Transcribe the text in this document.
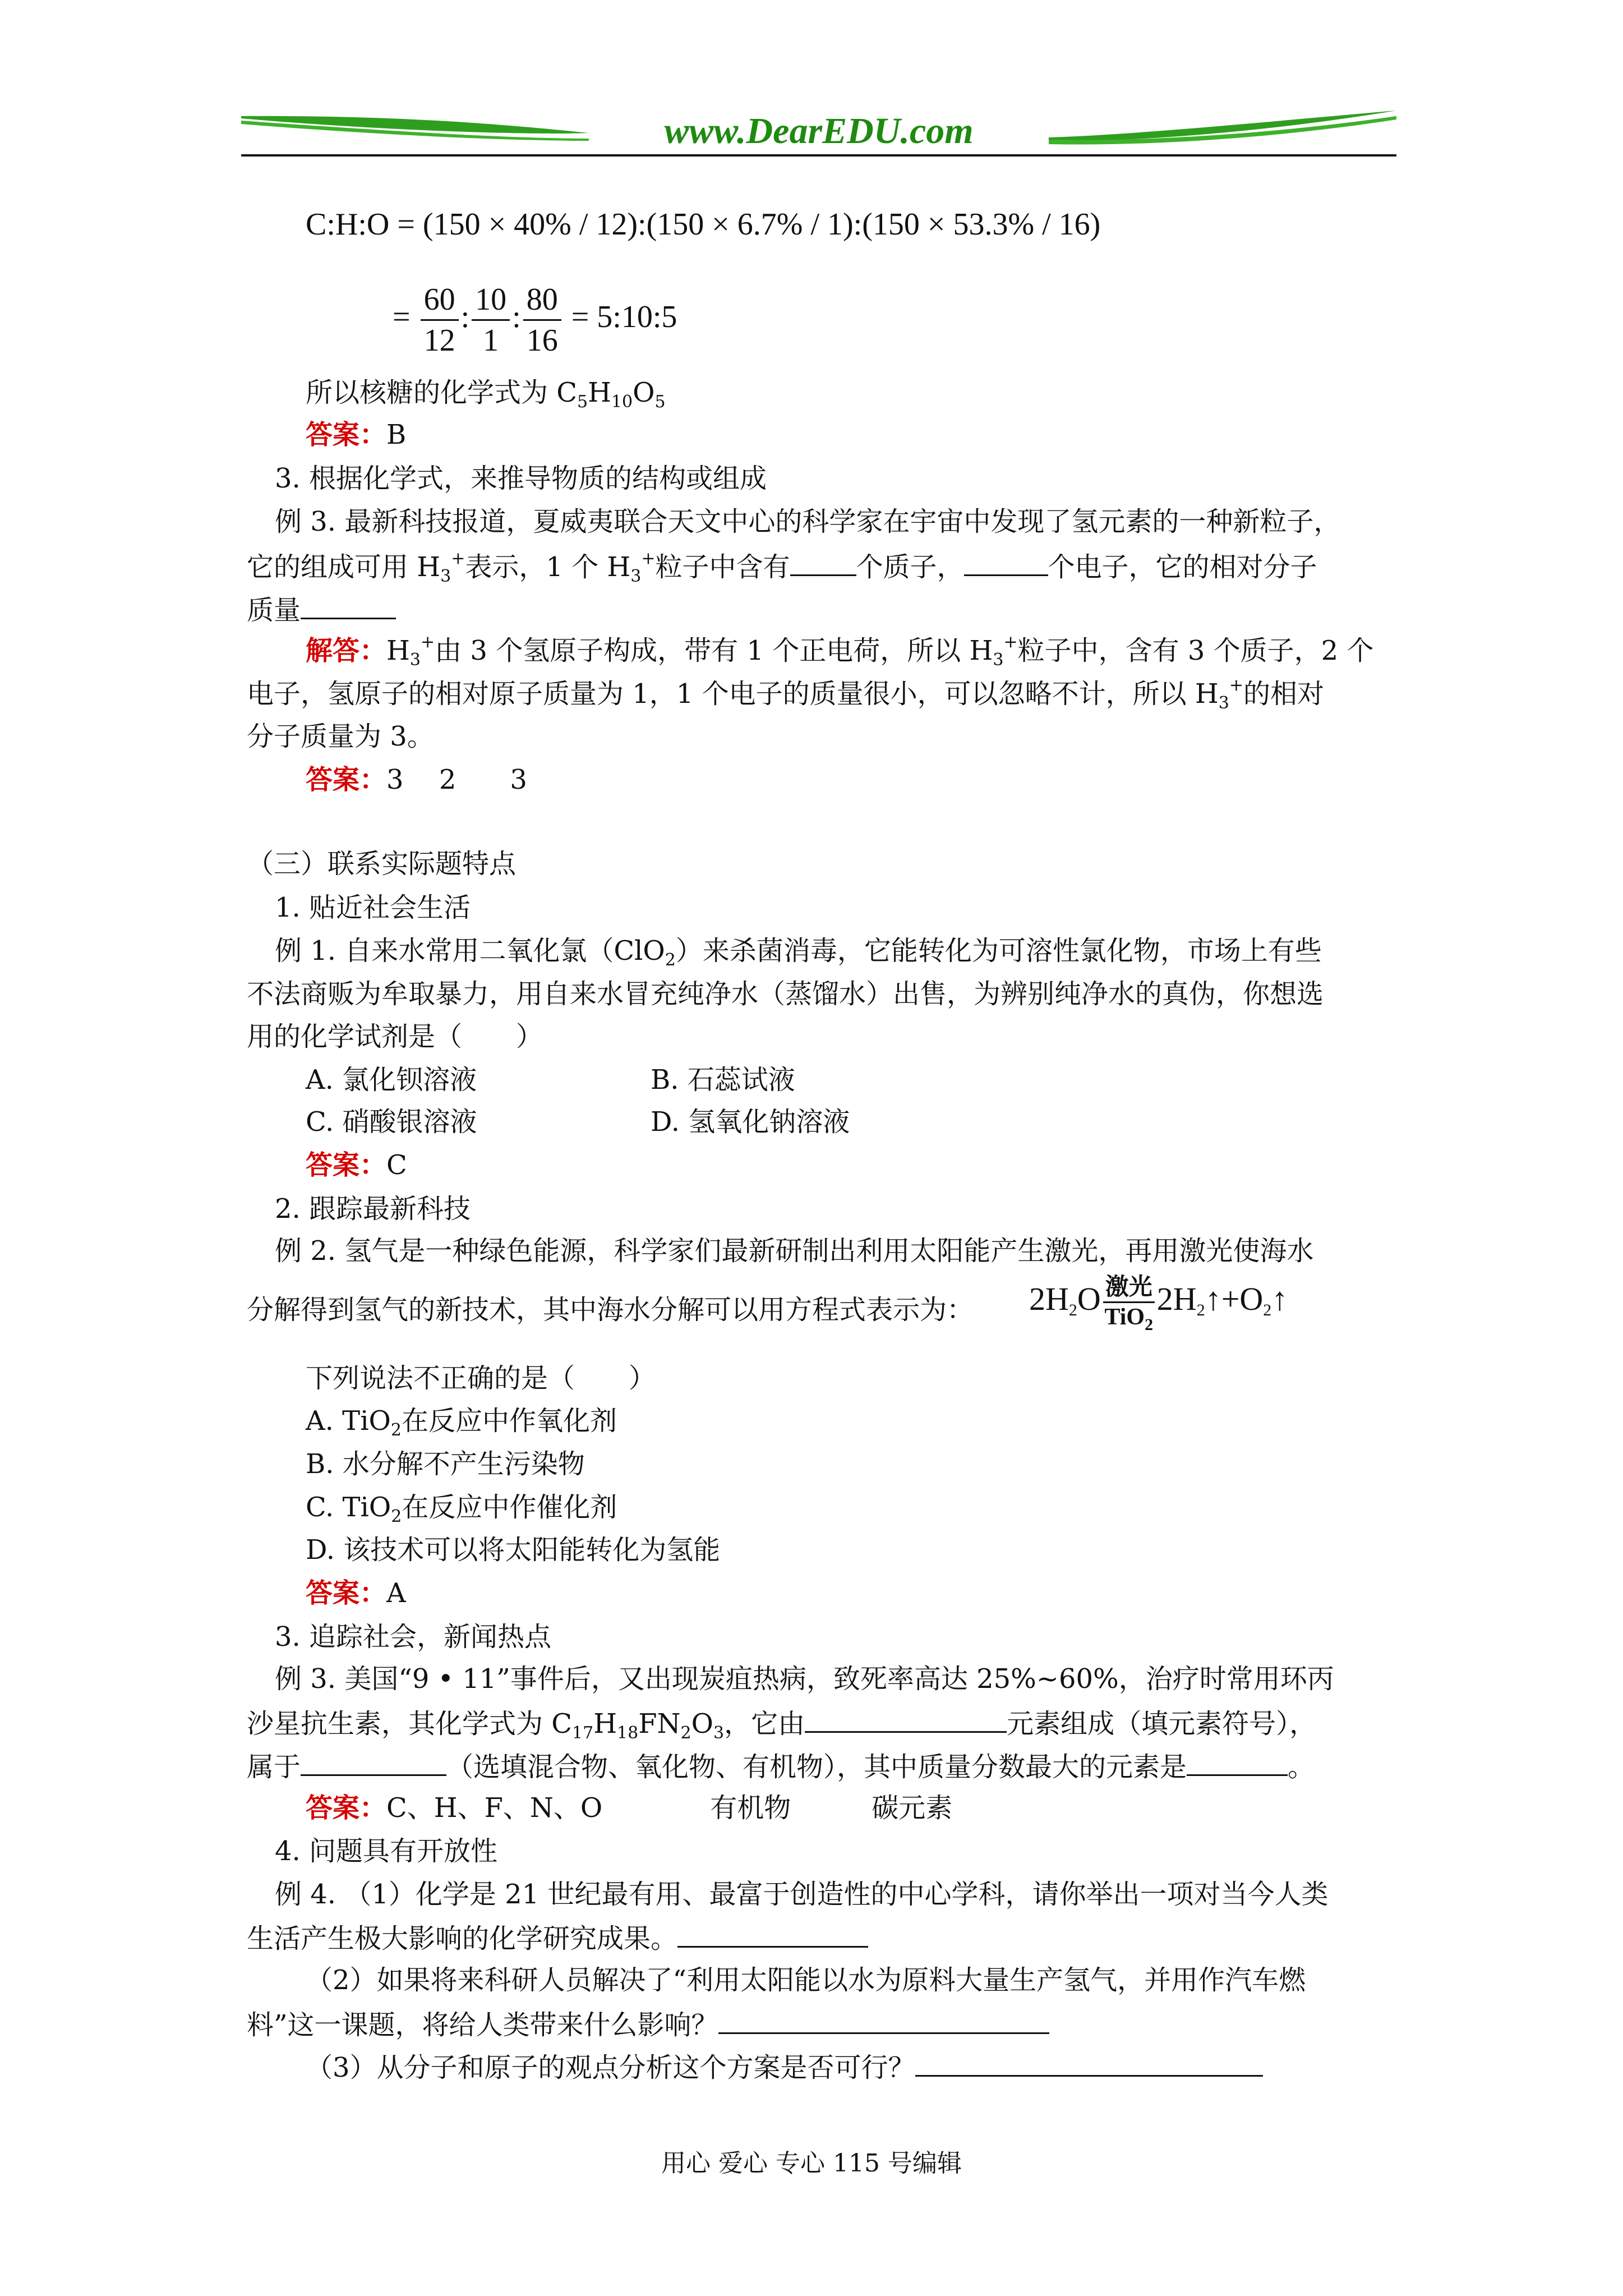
www.DearEDU.com
C:H:O = (150 × 40% / 12):(150 × 6.7% / 1):(150 × 53.3% / 16)
= $\frac{60}{12}$ : $\frac{10}{1}$ : $\frac{80}{16}$ = 5:10:5
所以核糖的化学式为 $C_5H_{10}O_5$
答案：B
3. 根据化学式，来推导物质的结构或组成
例 3. 最新科技报道，夏威夷联合天文中心的科学家在宇宙中发现了氢元素的一种新粒子，
它的组成可用 $H_3^+$表示，1 个 $H_3^+$粒子中含有 个质子，	个电子，它的相对分子
质量
解答：$H_3^+$由 3 个氢原子构成，带有 1 个正电荷，所以 $H_3^+$粒子中，含有 3 个质子，2 个
电子，氢原子的相对原子质量为 1，1 个电子的质量很小，可以忽略不计，所以 $H_3^+$的相对
分子质量为 3。
答案：3　 2　　3
（三）联系实际题特点
1. 贴近社会生活
例 1. 自来水常用二氧化氯（ClO$_2$）来杀菌消毒，它能转化为可溶性氯化物，市场上有些
不法商贩为牟取暴力，用自来水冒充纯净水（蒸馏水）出售，为辨别纯净水的真伪，你想选
用的化学试剂是（　　）
A. 氯化钡溶液	B. 石蕊试液
C. 硝酸银溶液	D. 氢氧化钠溶液
答案：C
2. 跟踪最新科技
例 2. 氢气是一种绿色能源，科学家们最新研制出利用太阳能产生激光，再用激光使海水
分解得到氢气的新技术，其中海水分解可以用方程式表示为： $2H_2O$ 激光
TiO$_2$
$2H_2↑+O_2↑$
下列说法不正确的是（　　）
A. TiO$_2$在反应中作氧化剂
B. 水分解不产生污染物
C. TiO$_2$在反应中作催化剂
D. 该技术可以将太阳能转化为氢能
答案：A
3. 追踪社会，新闻热点
例 3. 美国“9 • 11”事件后，又出现炭疽热病，致死率高达 25%~60%，治疗时常用环丙
沙星抗生素，其化学式为 $C_{17}H_{18}FN_2O_3$，它由	元素组成（填元素符号），
属于	（选填混合物、氧化物、有机物），其中质量分数最大的元素是	。
答案：C、H、F、N、O　　　　有机物　　　碳元素
4. 问题具有开放性
例 4. （1）化学是 21 世纪最有用、最富于创造性的中心学科，请你举出一项对当今人类
生活产生极大影响的化学研究成果。
（2）如果将来科研人员解决了“利用太阳能以水为原料大量生产氢气，并用作汽车燃
料”这一课题，将给人类带来什么影响？
（3）从分子和原子的观点分析这个方案是否可行？
用心 爱心 专心 115 号编辑
